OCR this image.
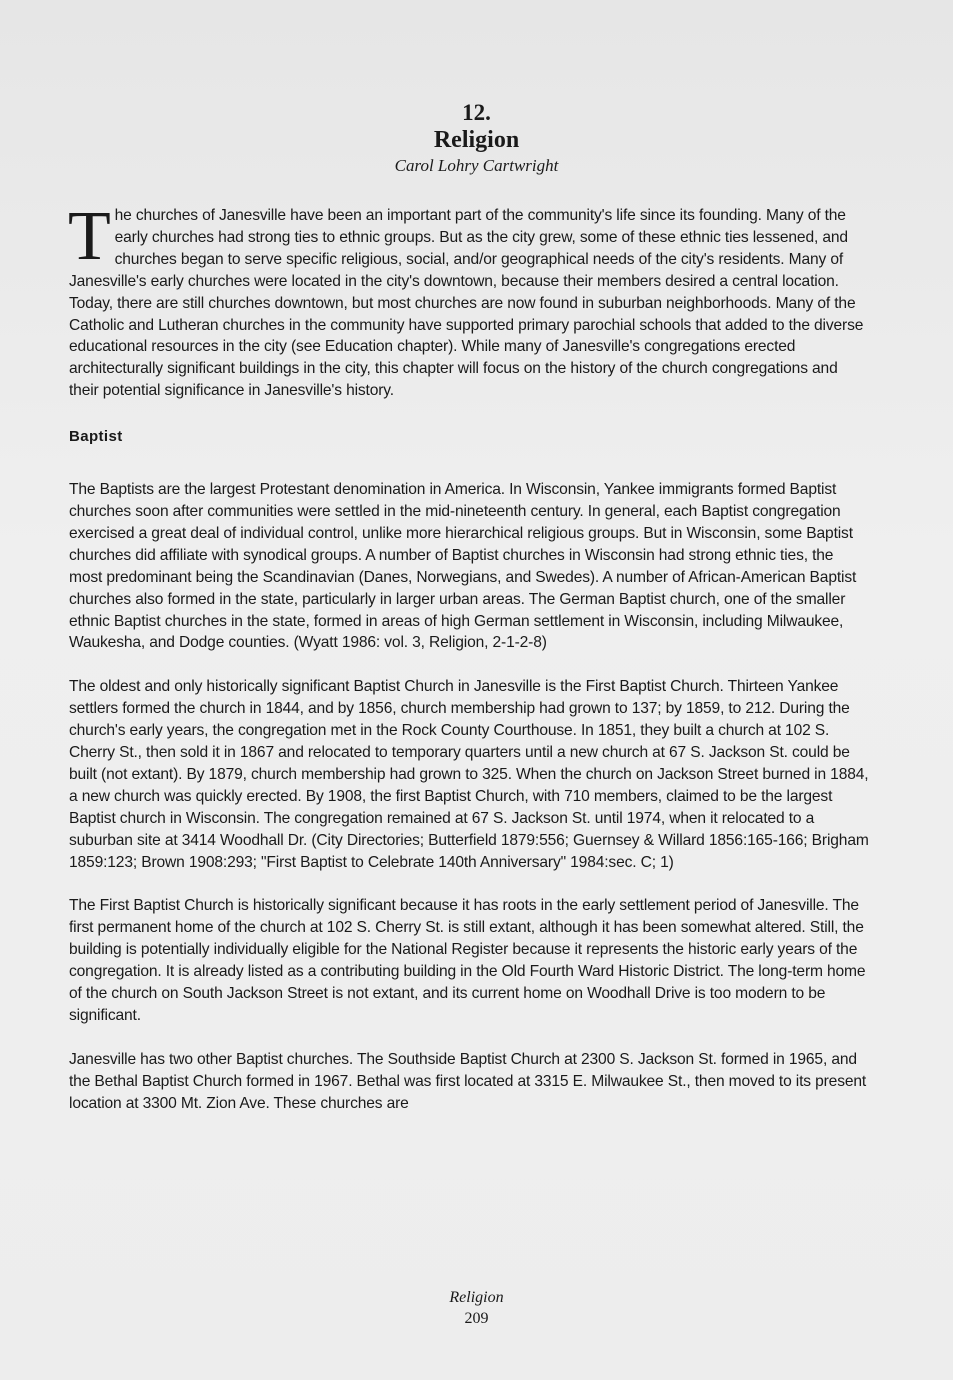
12.
Religion
Carol Lohry Cartwright

The churches of Janesville have been an important part of the community's life since its founding. Many of the early churches had strong ties to ethnic groups. But as the city grew, some of these ethnic ties lessened, and churches began to serve specific religious, social, and/or geographical needs of the city's residents. Many of Janesville's early churches were located in the city's downtown, because their members desired a central location. Today, there are still churches downtown, but most churches are now found in suburban neighborhoods. Many of the Catholic and Lutheran churches in the community have supported primary parochial schools that added to the diverse educational resources in the city (see Education chapter). While many of Janesville's congregations erected architecturally significant buildings in the city, this chapter will focus on the history of the church congregations and their potential significance in Janesville's history.

Baptist

The Baptists are the largest Protestant denomination in America. In Wisconsin, Yankee immigrants formed Baptist churches soon after communities were settled in the mid-nineteenth century. In general, each Baptist congregation exercised a great deal of individual control, unlike more hierarchical religious groups. But in Wisconsin, some Baptist churches did affiliate with synodical groups. A number of Baptist churches in Wisconsin had strong ethnic ties, the most predominant being the Scandinavian (Danes, Norwegians, and Swedes). A number of African-American Baptist churches also formed in the state, particularly in larger urban areas. The German Baptist church, one of the smaller ethnic Baptist churches in the state, formed in areas of high German settlement in Wisconsin, including Milwaukee, Waukesha, and Dodge counties. (Wyatt 1986: vol. 3, Religion, 2-1-2-8)

The oldest and only historically significant Baptist Church in Janesville is the First Baptist Church. Thirteen Yankee settlers formed the church in 1844, and by 1856, church membership had grown to 137; by 1859, to 212. During the church's early years, the congregation met in the Rock County Courthouse. In 1851, they built a church at 102 S. Cherry St., then sold it in 1867 and relocated to temporary quarters until a new church at 67 S. Jackson St. could be built (not extant). By 1879, church membership had grown to 325. When the church on Jackson Street burned in 1884, a new church was quickly erected. By 1908, the first Baptist Church, with 710 members, claimed to be the largest Baptist church in Wisconsin. The congregation remained at 67 S. Jackson St. until 1974, when it relocated to a suburban site at 3414 Woodhall Dr. (City Directories; Butterfield 1879:556; Guernsey & Willard 1856:165-166; Brigham 1859:123; Brown 1908:293; "First Baptist to Celebrate 140th Anniversary" 1984:sec. C; 1)

The First Baptist Church is historically significant because it has roots in the early settlement period of Janesville. The first permanent home of the church at 102 S. Cherry St. is still extant, although it has been somewhat altered. Still, the building is potentially individually eligible for the National Register because it represents the historic early years of the congregation. It is already listed as a contributing building in the Old Fourth Ward Historic District. The long-term home of the church on South Jackson Street is not extant, and its current home on Woodhall Drive is too modern to be significant.

Janesville has two other Baptist churches. The Southside Baptist Church at 2300 S. Jackson St. formed in 1965, and the Bethal Baptist Church formed in 1967. Bethal was first located at 3315 E. Milwaukee St., then moved to its present location at 3300 Mt. Zion Ave. These churches are

Religion
209
